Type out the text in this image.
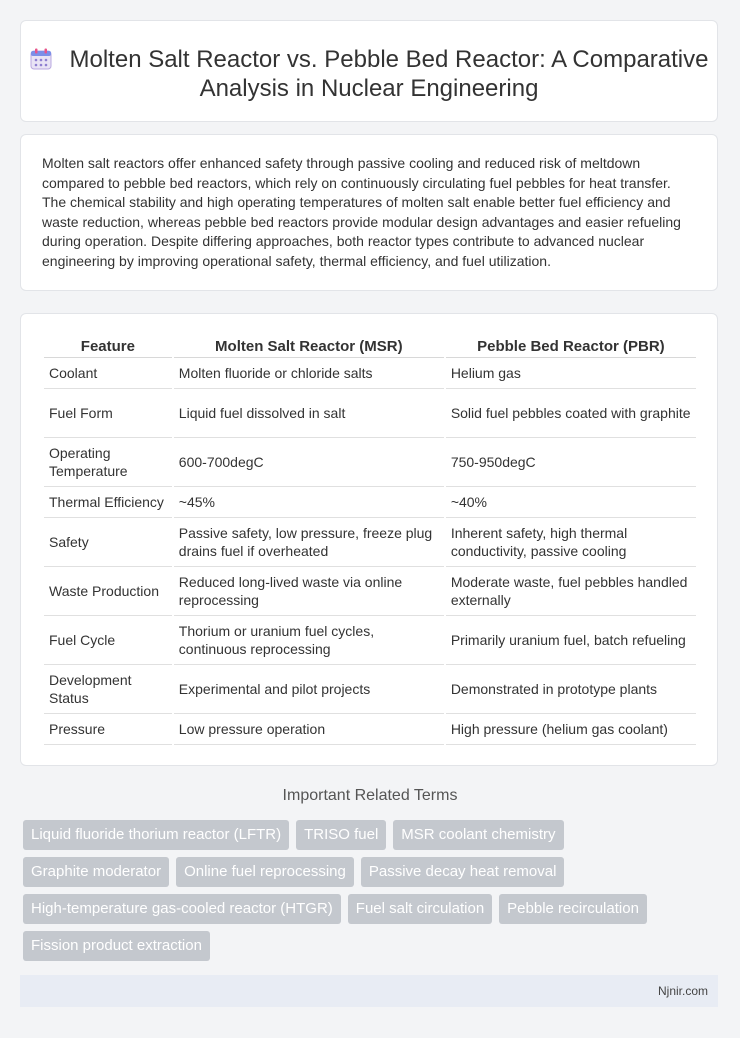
Molten Salt Reactor vs. Pebble Bed Reactor: A Comparative Analysis in Nuclear Engineering

Molten salt reactors offer enhanced safety through passive cooling and reduced risk of meltdown compared to pebble bed reactors, which rely on continuously circulating fuel pebbles for heat transfer. The chemical stability and high operating temperatures of molten salt enable better fuel efficiency and waste reduction, whereas pebble bed reactors provide modular design advantages and easier refueling during operation. Despite differing approaches, both reactor types contribute to advanced nuclear engineering by improving operational safety, thermal efficiency, and fuel utilization.

Feature	Molten Salt Reactor (MSR)	Pebble Bed Reactor (PBR)
Coolant	Molten fluoride or chloride salts	Helium gas
Fuel Form	Liquid fuel dissolved in salt	Solid fuel pebbles coated with graphite
Operating Temperature	600-700degC	750-950degC
Thermal Efficiency	~45%	~40%
Safety	Passive safety, low pressure, freeze plug drains fuel if overheated	Inherent safety, high thermal conductivity, passive cooling
Waste Production	Reduced long-lived waste via online reprocessing	Moderate waste, fuel pebbles handled externally
Fuel Cycle	Thorium or uranium fuel cycles, continuous reprocessing	Primarily uranium fuel, batch refueling
Development Status	Experimental and pilot projects	Demonstrated in prototype plants
Pressure	Low pressure operation	High pressure (helium gas coolant)
Important Related Terms
Liquid fluoride thorium reactor (LFTR)	TRISO fuel	MSR coolant chemistry
Graphite moderator	Online fuel reprocessing	Passive decay heat removal
High-temperature gas-cooled reactor (HTGR)	Fuel salt circulation	Pebble recirculation
Fission product extraction
Njnir.com
